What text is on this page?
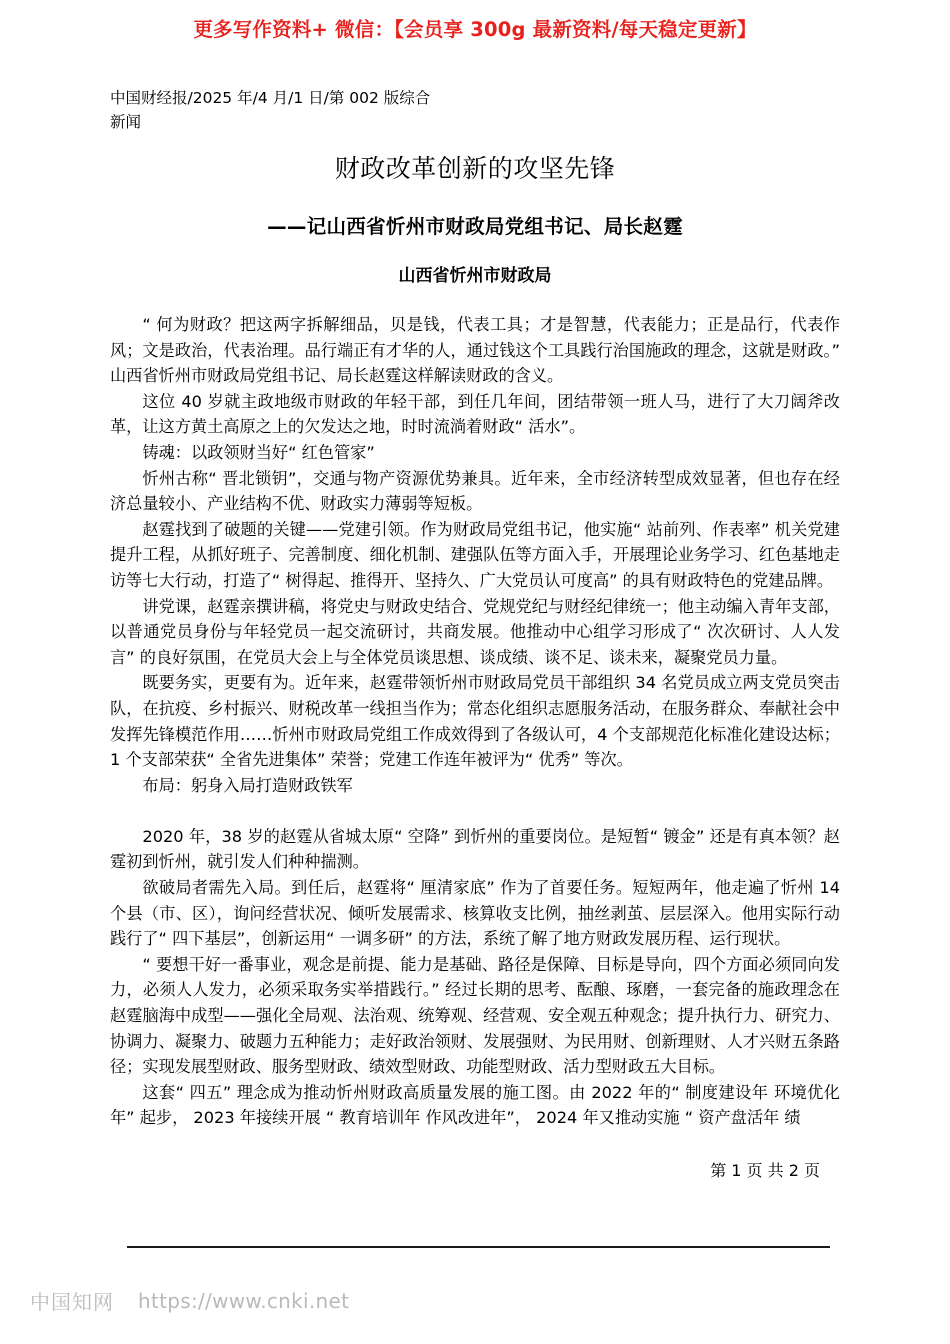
更多写作资料+ 微信：【会员享 300g 最新资料/每天稳定更新】
中国财经报/2025 年/4 月/1 日/第 002 版综合新闻
财政改革创新的攻坚先锋
——记山西省忻州市财政局党组书记、局长赵霆
山西省忻州市财政局

“ 何为财政？把这两字拆解细品，贝是钱，代表工具；才是智慧，代表能力；正是品行，代表作风；文是政治，代表治理。品行端正有才华的人，通过钱这个工具践行治国施政的理念，这就是财政。” 山西省忻州市财政局党组书记、局长赵霆这样解读财政的含义。

这位 40 岁就主政地级市财政的年轻干部，到任几年间，团结带领一班人马，进行了大刀阔斧改革，让这方黄土高原之上的欠发达之地，时时流淌着财政“ 活水”。

铸魂：以政领财当好“ 红色管家”

忻州古称“ 晋北锁钥”，交通与物产资源优势兼具。近年来，全市经济转型成效显著，但也存在经济总量较小、产业结构不优、财政实力薄弱等短板。

赵霆找到了破题的关键——党建引领。作为财政局党组书记，他实施“ 站前列、作表率” 机关党建提升工程，从抓好班子、完善制度、细化机制、建强队伍等方面入手，开展理论业务学习、红色基地走访等七大行动，打造了“ 树得起、推得开、坚持久、广大党员认可度高” 的具有财政特色的党建品牌。

讲党课，赵霆亲撰讲稿，将党史与财政史结合、党规党纪与财经纪律统一；他主动编入青年支部，以普通党员身份与年轻党员一起交流研讨，共商发展。他推动中心组学习形成了“ 次次研讨、人人发言” 的良好氛围，在党员大会上与全体党员谈思想、谈成绩、谈不足、谈未来，凝聚党员力量。

既要务实，更要有为。近年来，赵霆带领忻州市财政局党员干部组织 34 名党员成立两支党员突击队，在抗疫、乡村振兴、财税改革一线担当作为；常态化组织志愿服务活动，在服务群众、奉献社会中发挥先锋模范作用……忻州市财政局党组工作成效得到了各级认可，4 个支部规范化标准化建设达标；1 个支部荣获“ 全省先进集体” 荣誉；党建工作连年被评为“ 优秀” 等次。

布局：躬身入局打造财政铁军

2020 年，38 岁的赵霆从省城太原“ 空降” 到忻州的重要岗位。是短暂“ 镀金” 还是有真本领？赵霆初到忻州，就引发人们种种揣测。

欲破局者需先入局。到任后，赵霆将“ 厘清家底” 作为了首要任务。短短两年，他走遍了忻州 14 个县（市、区），询问经营状况、倾听发展需求、核算收支比例，抽丝剥茧、层层深入。他用实际行动践行了“ 四下基层”，创新运用“ 一调多研” 的方法，系统了解了地方财政发展历程、运行现状。

“ 要想干好一番事业，观念是前提、能力是基础、路径是保障、目标是导向，四个方面必须同向发力，必须人人发力，必须采取务实举措践行。” 经过长期的思考、酝酿、琢磨，一套完备的施政理念在赵霆脑海中成型——强化全局观、法治观、统筹观、经营观、安全观五种观念；提升执行力、研究力、协调力、凝聚力、破题力五种能力；走好政治领财、发展强财、为民用财、创新理财、人才兴财五条路径；实现发展型财政、服务型财政、绩效型财政、功能型财政、活力型财政五大目标。

这套“ 四五” 理念成为推动忻州财政高质量发展的施工图。由 2022 年的“ 制度建设年 环境优化年” 起步， 2023 年接续开展 “ 教育培训年 作风改进年”， 2024 年又推动实施 “ 资产盘活年 绩

第 1 页 共 2 页
中国知网 https://www.cnki.net
